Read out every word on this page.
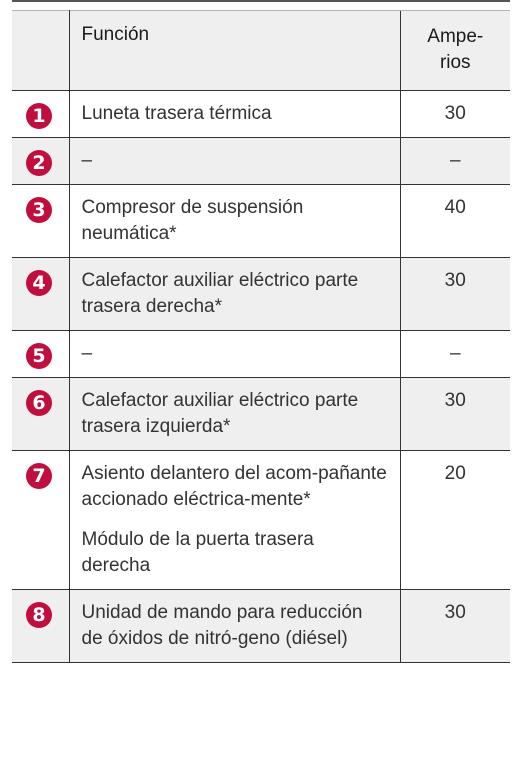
	Función	Ampe-
rios

1	Luneta trasera térmica	30

2	–	–

3	Compresor de suspensión neumática*	40

4	Calefactor auxiliar eléctrico parte trasera derecha*	30

5	–	–

6	Calefactor auxiliar eléctrico parte trasera izquierda*	30

7	Asiento delantero del acom-pañante accionado eléctrica-mente*
Módulo de la puerta trasera derecha	20

8	Unidad de mando para reducción de óxidos de nitró-geno (diésel)	30
